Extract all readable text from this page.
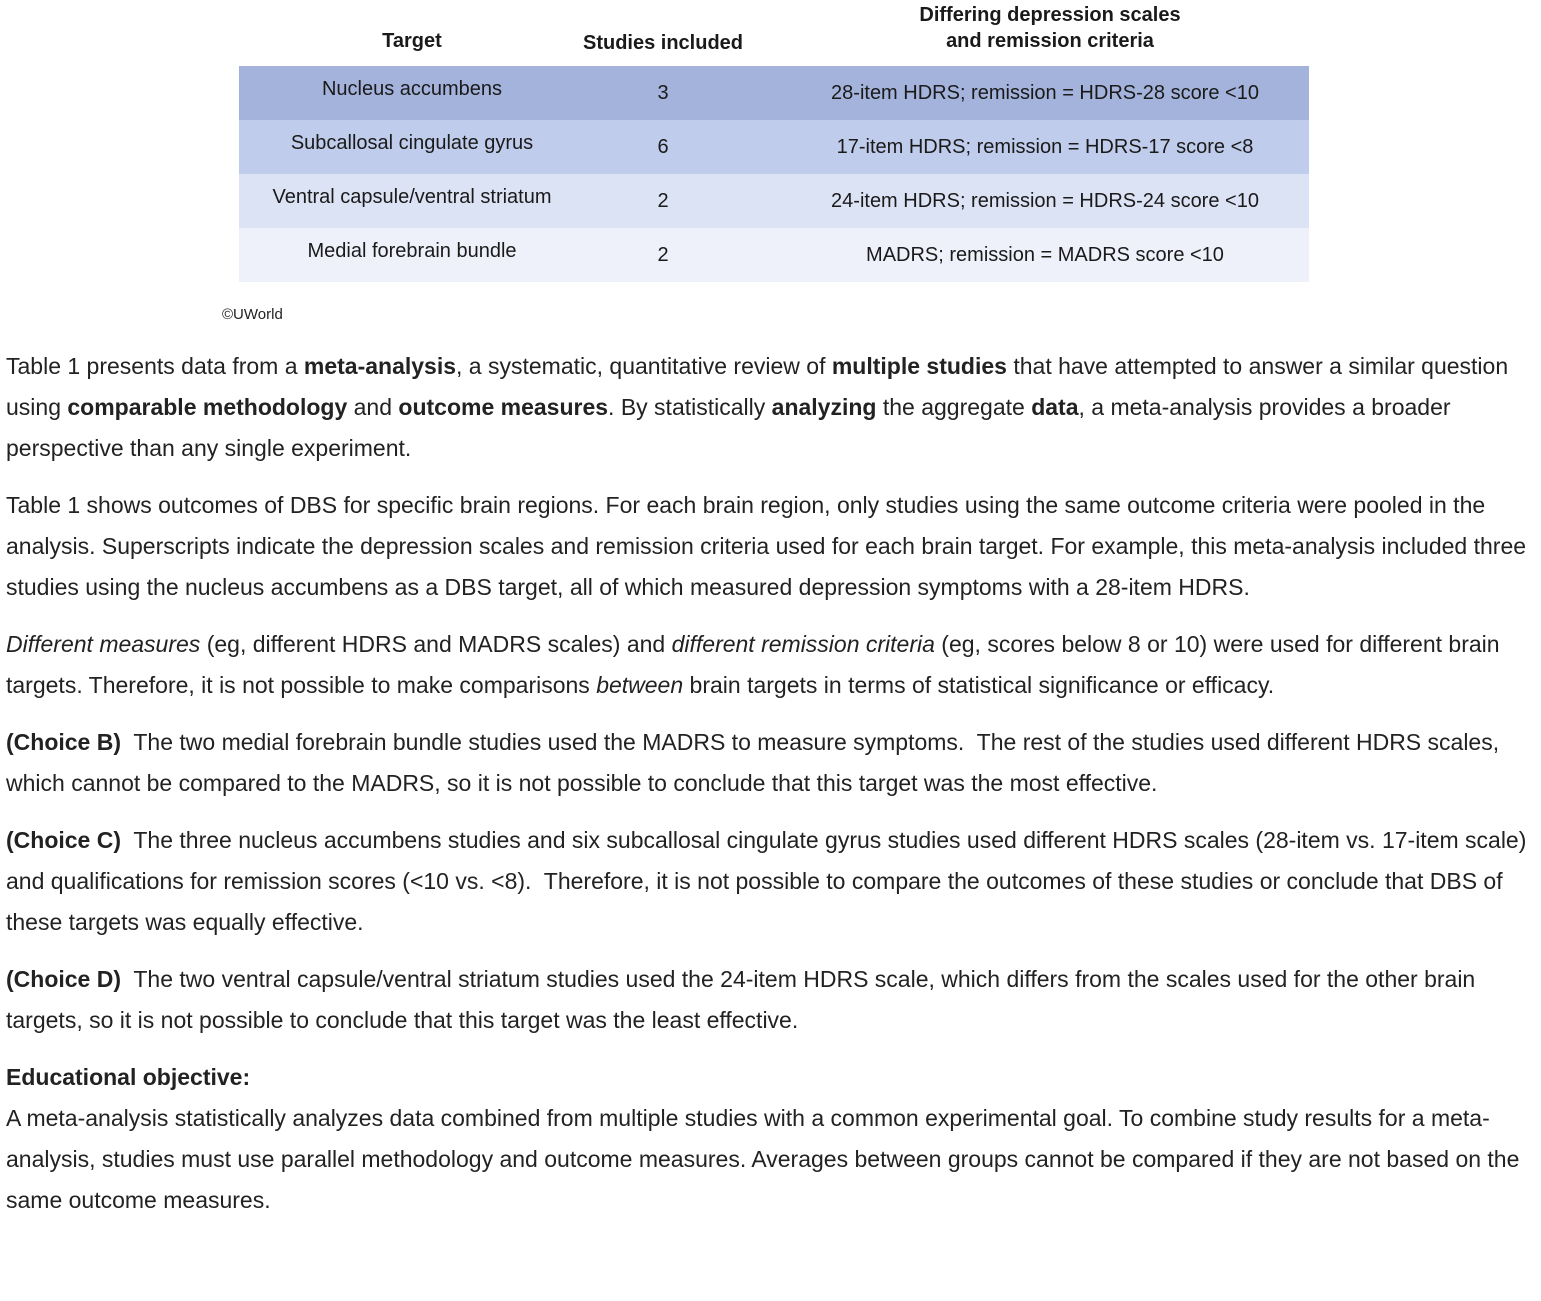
Target	Studies included
Differing depression scales
and remission criteria
Nucleus accumbens	3	28-item HDRS; remission = HDRS-28 score <10
Subcallosal cingulate gyrus	6	17-item HDRS; remission = HDRS-17 score <8
Ventral capsule/ventral striatum	2	24-item HDRS; remission = HDRS-24 score <10
Medial forebrain bundle	2	MADRS; remission = MADRS score <10
©UWorld

Table 1 presents data from a meta-analysis, a systematic, quantitative review of multiple studies that have attempted to answer a similar question using comparable methodology and outcome measures. By statistically analyzing the aggregate data, a meta-analysis provides a broader perspective than any single experiment.

Table 1 shows outcomes of DBS for specific brain regions. For each brain region, only studies using the same outcome criteria were pooled in the analysis. Superscripts indicate the depression scales and remission criteria used for each brain target. For example, this meta-analysis included three studies using the nucleus accumbens as a DBS target, all of which measured depression symptoms with a 28-item HDRS.

Different measures (eg, different HDRS and MADRS scales) and different remission criteria (eg, scores below 8 or 10) were used for different brain targets. Therefore, it is not possible to make comparisons between brain targets in terms of statistical significance or efficacy.

(Choice B)  The two medial forebrain bundle studies used the MADRS to measure symptoms.  The rest of the studies used different HDRS scales, which cannot be compared to the MADRS, so it is not possible to conclude that this target was the most effective.

(Choice C)  The three nucleus accumbens studies and six subcallosal cingulate gyrus studies used different HDRS scales (28-item vs. 17-item scale) and qualifications for remission scores (<10 vs. <8).  Therefore, it is not possible to compare the outcomes of these studies or conclude that DBS of these targets was equally effective.

(Choice D)  The two ventral capsule/ventral striatum studies used the 24-item HDRS scale, which differs from the scales used for the other brain targets, so it is not possible to conclude that this target was the least effective.

Educational objective:

A meta-analysis statistically analyzes data combined from multiple studies with a common experimental goal. To combine study results for a meta-analysis, studies must use parallel methodology and outcome measures. Averages between groups cannot be compared if they are not based on the same outcome measures.
